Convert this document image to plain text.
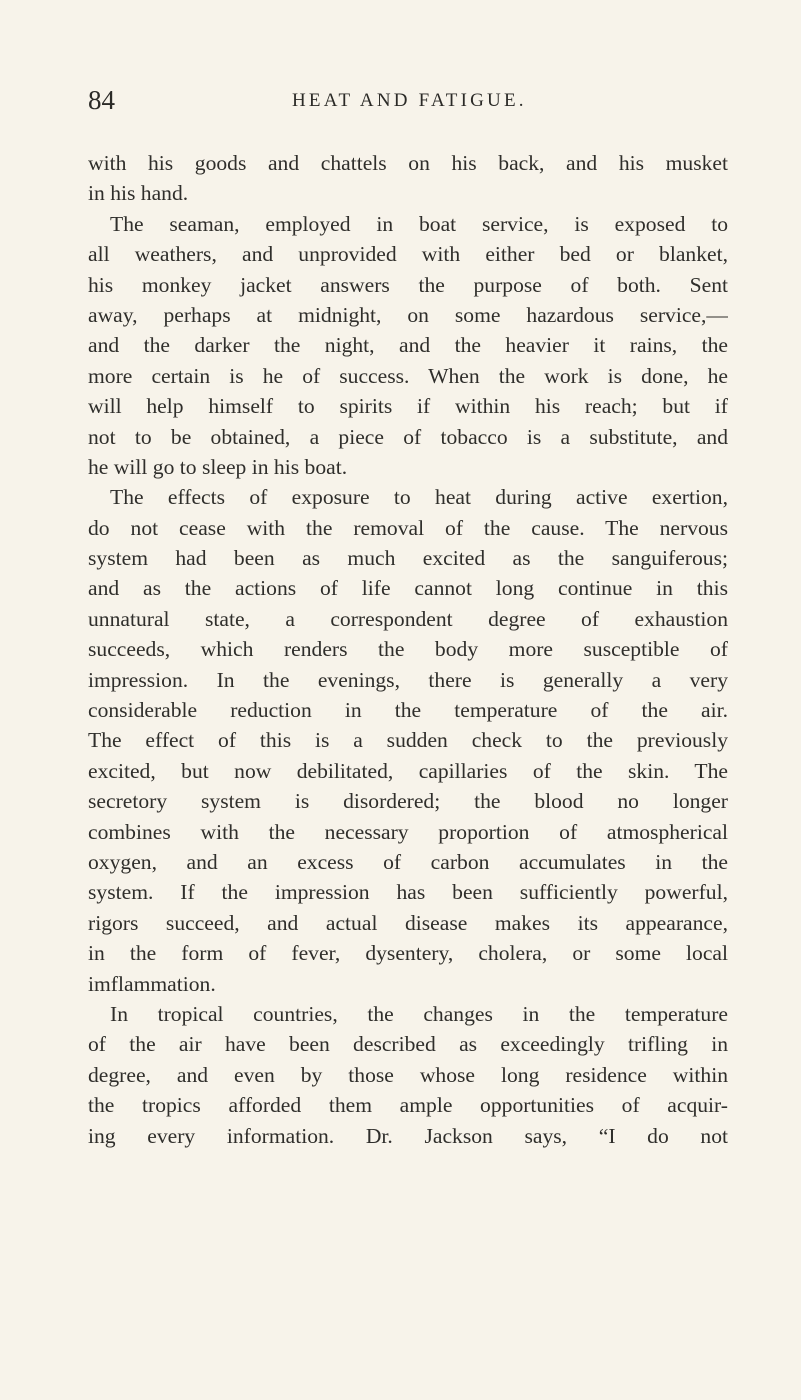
84	HEAT AND FATIGUE.
with his goods and chattels on his back, and his musket
in his hand.
The seaman, employed in boat service, is exposed to
all weathers, and unprovided with either bed or blanket,
his monkey jacket answers the purpose of both. Sent
away, perhaps at midnight, on some hazardous service,—
and the darker the night, and the heavier it rains, the
more certain is he of success. When the work is done, he
will help himself to spirits if within his reach; but if
not to be obtained, a piece of tobacco is a substitute, and
he will go to sleep in his boat.
The effects of exposure to heat during active exertion,
do not cease with the removal of the cause. The nervous
system had been as much excited as the sanguiferous;
and as the actions of life cannot long continue in this
unnatural state, a correspondent degree of exhaustion
succeeds, which renders the body more susceptible of
impression. In the evenings, there is generally a very
considerable reduction in the temperature of the air.
The effect of this is a sudden check to the previously
excited, but now debilitated, capillaries of the skin. The
secretory system is disordered; the blood no longer
combines with the necessary proportion of atmospherical
oxygen, and an excess of carbon accumulates in the
system. If the impression has been sufficiently powerful,
rigors succeed, and actual disease makes its appearance,
in the form of fever, dysentery, cholera, or some local
imflammation.
In tropical countries, the changes in the temperature
of the air have been described as exceedingly trifling in
degree, and even by those whose long residence within
the tropics afforded them ample opportunities of acquir-
ing every information. Dr. Jackson says, “I do not
